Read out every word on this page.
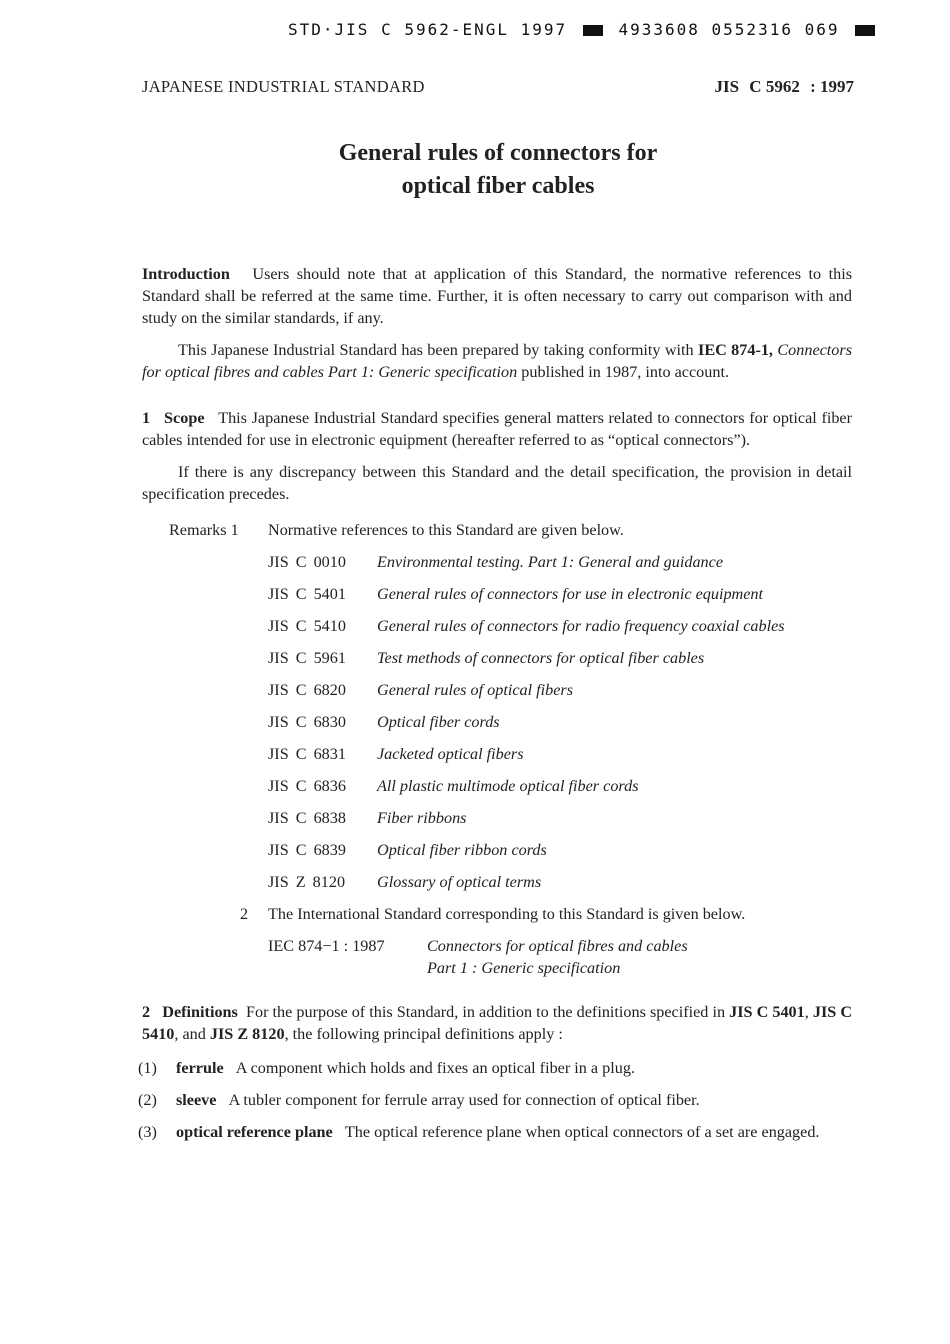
STD·JIS C 5962-ENGL 1997	4933608 0552316 069
JAPANESE INDUSTRIAL STANDARD	JIS C 5962 : 1997
General rules of connectors for
optical fiber cables

Introduction Users should note that at application of this Standard, the normative references to this Standard shall be referred at the same time. Further, it is often necessary to carry out comparison with and study on the similar standards, if any.

This Japanese Industrial Standard has been prepared by taking conformity with IEC 874-1, Connectors for optical fibres and cables Part 1: Generic specification published in 1987, into account.

1 Scope This Japanese Industrial Standard specifies general matters related to connectors for optical fiber cables intended for use in electronic equipment (hereafter referred to as “optical connectors”).

If there is any discrepancy between this Standard and the detail specification, the provision in detail specification precedes.

Remarks 1 Normative references to this Standard are given below.
JIS C 0010	Environmental testing. Part 1: General and guidance
JIS C 5401	General rules of connectors for use in electronic equipment
JIS C 5410	General rules of connectors for radio frequency coaxial cables
JIS C 5961	Test methods of connectors for optical fiber cables
JIS C 6820	General rules of optical fibers
JIS C 6830	Optical fiber cords
JIS C 6831	Jacketed optical fibers
JIS C 6836	All plastic multimode optical fiber cords
JIS C 6838	Fiber ribbons
JIS C 6839	Optical fiber ribbon cords
JIS Z 8120	Glossary of optical terms
2 The International Standard corresponding to this Standard is given below.
IEC 874−1 : 1987	Connectors for optical fibres and cables
Part 1 : Generic specification

2 Definitions For the purpose of this Standard, in addition to the definitions specified in JIS C 5401, JIS C 5410, and JIS Z 8120, the following principal definitions apply :

(1)	ferrule A component which holds and fixes an optical fiber in a plug.
(2)	sleeve A tubler component for ferrule array used for connection of optical fiber.
(3)	optical reference plane The optical reference plane when optical connectors of a set are engaged.
